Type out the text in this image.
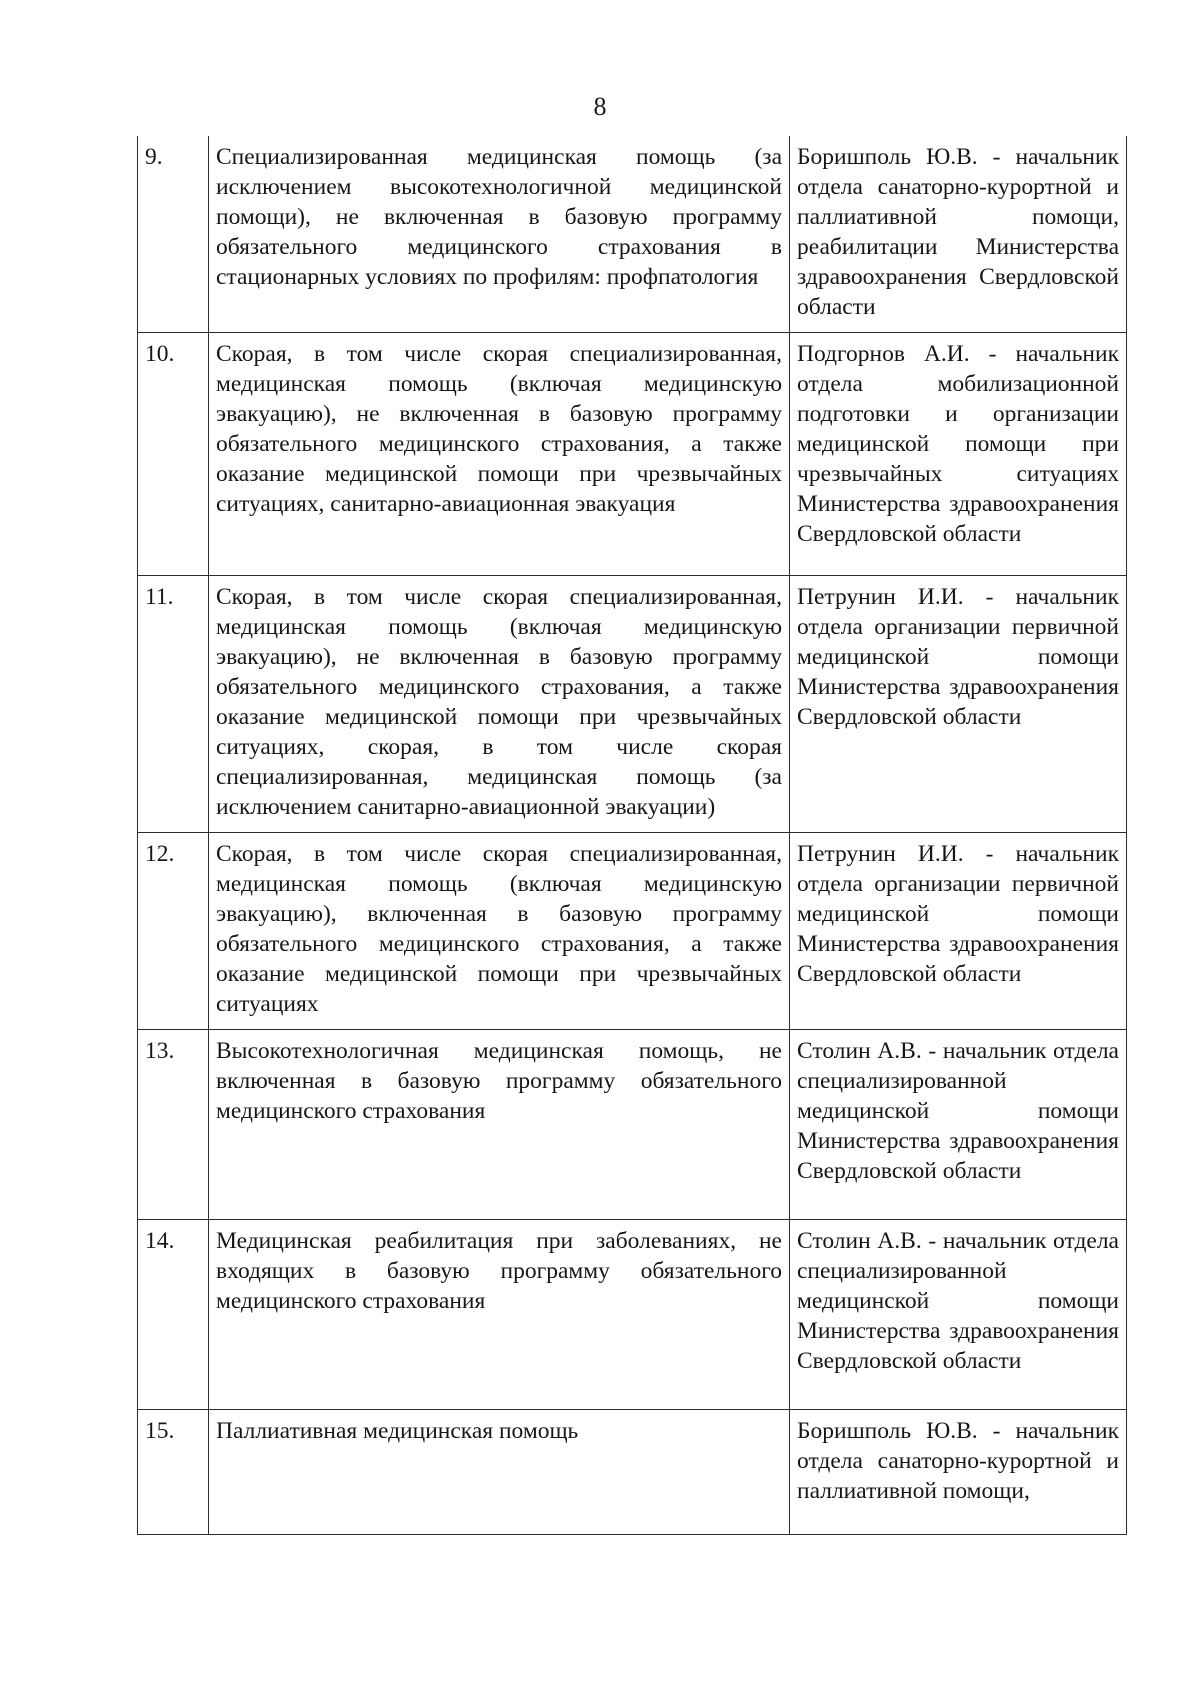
8
9.	Специализированная медицинская помощь (за исключением высокотехнологичной медицинской помощи), не включенная в базовую программу обязательного медицинского страхования в стационарных условиях по профилям: профпатология	Боришполь Ю.В. - начальник отдела санаторно-курортной и паллиативной помощи, реабилитации Министерства здравоохранения Свердловской области
10.	Скорая, в том числе скорая специализированная, медицинская помощь (включая медицинскую эвакуацию), не включенная в базовую программу обязательного медицинского страхования, а также оказание медицинской помощи при чрезвычайных ситуациях, санитарно-авиационная эвакуация	Подгорнов А.И. - начальник отдела мобилизационной подготовки и организации медицинской помощи при чрезвычайных ситуациях Министерства здравоохранения Свердловской области
11.	Скорая, в том числе скорая специализированная, медицинская помощь (включая медицинскую эвакуацию), не включенная в базовую программу обязательного медицинского страхования, а также оказание медицинской помощи при чрезвычайных ситуациях, скорая, в том числе скорая специализированная, медицинская помощь (за исключением санитарно-авиационной эвакуации)	Петрунин И.И. - начальник отдела организации первичной медицинской помощи Министерства здравоохранения Свердловской области
12.	Скорая, в том числе скорая специализированная, медицинская помощь (включая медицинскую эвакуацию), включенная в базовую программу обязательного медицинского страхования, а также оказание медицинской помощи при чрезвычайных ситуациях	Петрунин И.И. - начальник отдела организации первичной медицинской помощи Министерства здравоохранения Свердловской области
13.	Высокотехнологичная медицинская помощь, не включенная в базовую программу обязательного медицинского страхования	Столин А.В. - начальник отдела специализированной медицинской помощи Министерства здравоохранения Свердловской области
14.	Медицинская реабилитация при заболеваниях, не входящих в базовую программу обязательного медицинского страхования	Столин А.В. - начальник отдела специализированной медицинской помощи Министерства здравоохранения Свердловской области
15.	Паллиативная медицинская помощь	Боришполь Ю.В. - начальник отдела санаторно-курортной и паллиативной помощи,
